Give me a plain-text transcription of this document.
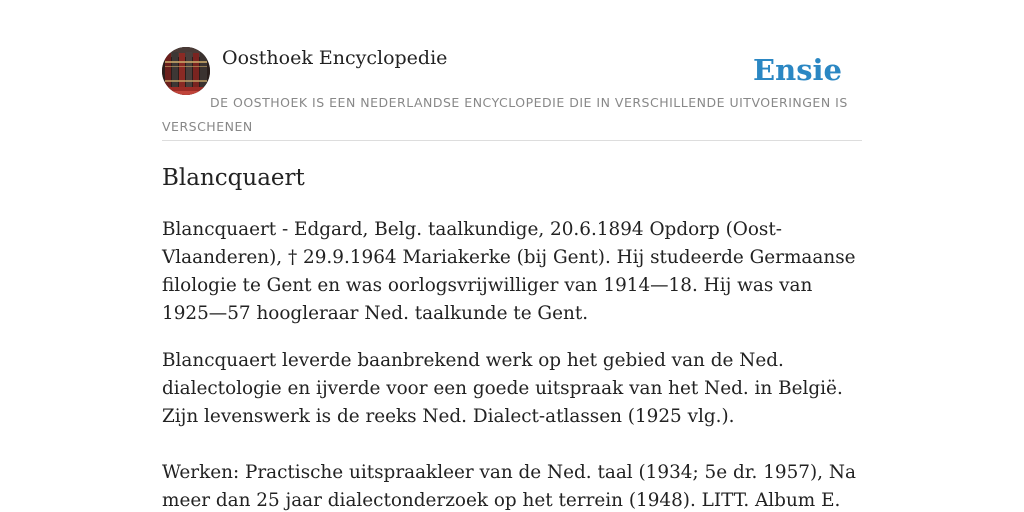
Oosthoek Encyclopedie	Ensie
DE OOSTHOEK IS EEN NEDERLANDSE ENCYCLOPEDIE DIE IN VERSCHILLENDE UITVOERINGEN IS VERSCHENEN
Blancquaert

Blancquaert - Edgard, Belg. taalkundige, 20.6.1894 Opdorp (Oost-Vlaanderen), † 29.9.1964 Mariakerke (bij Gent). Hij studeerde Germaanse filologie te Gent en was oorlogsvrijwilliger van 1914—18. Hij was van 1925—57 hoogleraar Ned. taalkunde te Gent.

Blancquaert leverde baanbrekend werk op het gebied van de Ned. dialectologie en ijverde voor een goede uitspraak van het Ned. in België. Zijn levenswerk is de reeks Ned. Dialect-atlassen (1925 vlg.).

Werken: Practische uitspraakleer van de Ned. taal (1934; 5e dr. 1957), Na meer dan 25 jaar dialectonderzoek op het terrein (1948). LITT. Album E.
